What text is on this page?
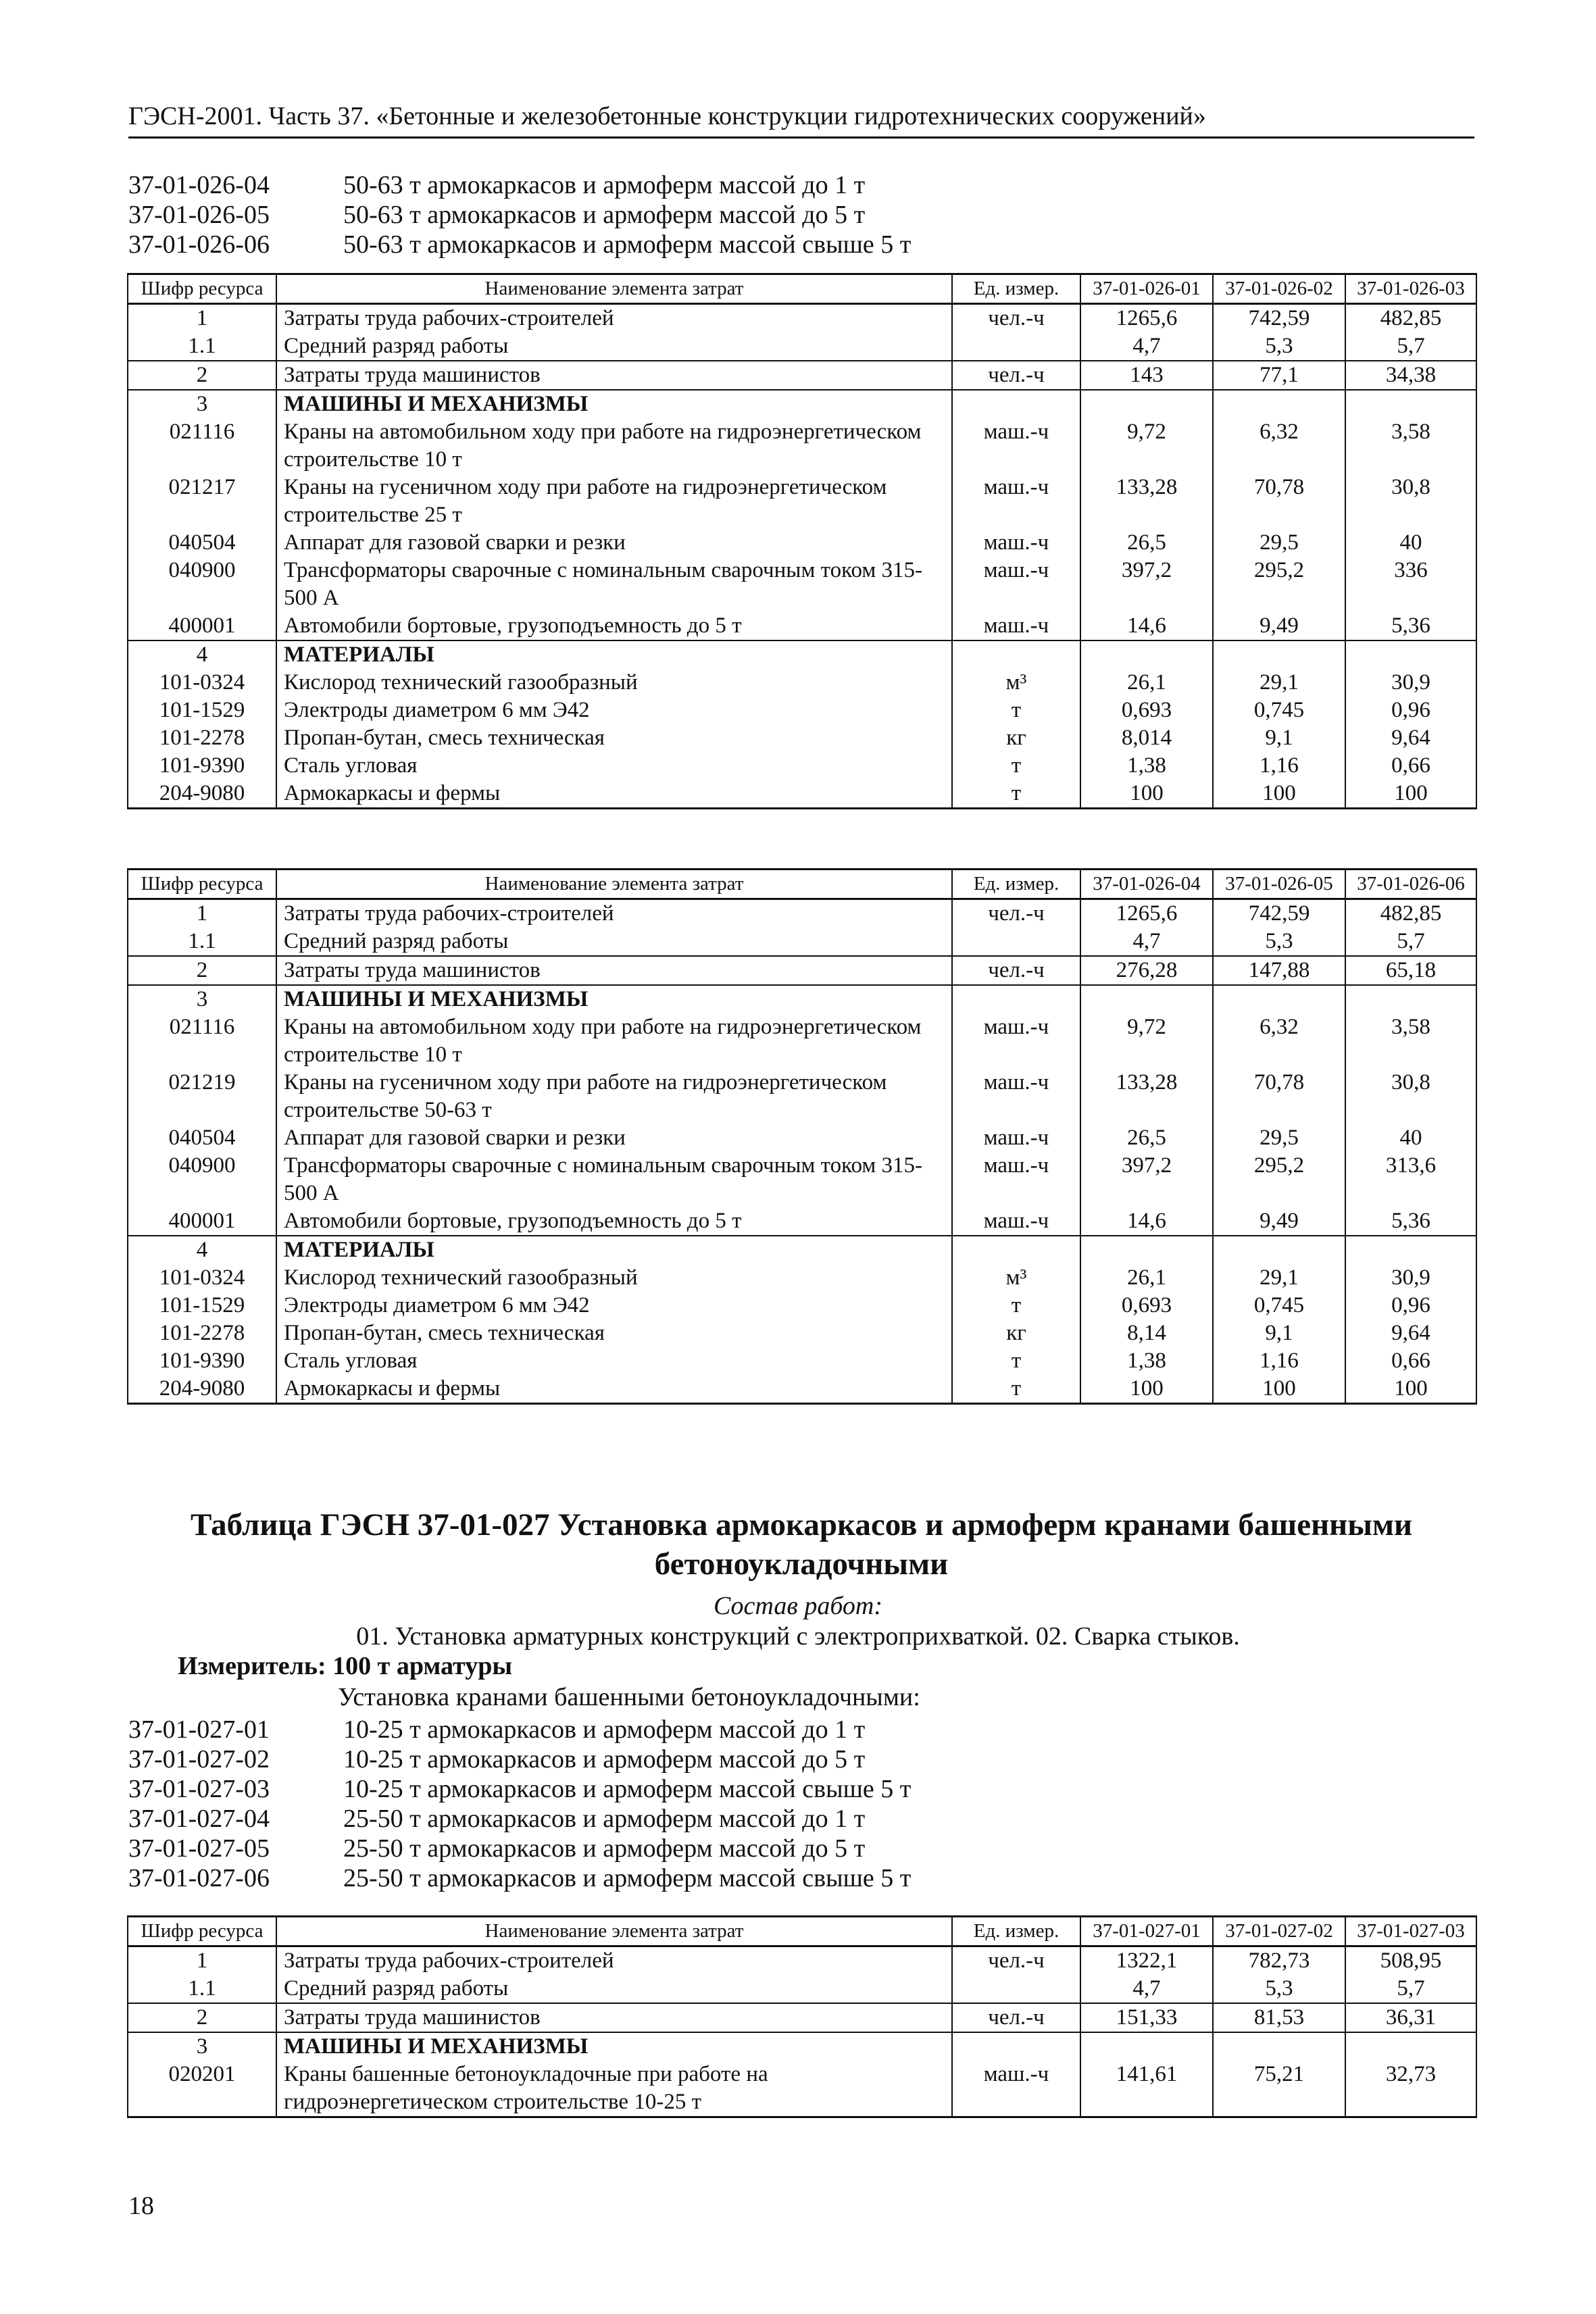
ГЭСН-2001. Часть 37. «Бетонные и железобетонные конструкции гидротехнических сооружений»
37-01-026-04	50-63 т армокаркасов и армоферм массой до 1 т
37-01-026-05	50-63 т армокаркасов и армоферм массой до 5 т
37-01-026-06	50-63 т армокаркасов и армоферм массой свыше 5 т
Шифр ресурса	Наименование элемента затрат	Ед. измер.	37-01-026-01	37-01-026-02	37-01-026-03
1	Затраты труда рабочих-строителей	чел.-ч	1265,6	742,59	482,85
1.1	Средний разряд работы		4,7	5,3	5,7
2	Затраты труда машинистов	чел.-ч	143	77,1	34,38
3	МАШИНЫ И МЕХАНИЗМЫ				
021116	Краны на автомобильном ходу при работе на гидроэнергетическом строительстве 10 т	маш.-ч	9,72	6,32	3,58
021217	Краны на гусеничном ходу при работе на гидроэнергетическом строительстве 25 т	маш.-ч	133,28	70,78	30,8
040504	Аппарат для газовой сварки и резки	маш.-ч	26,5	29,5	40
040900	Трансформаторы сварочные с номинальным сварочным током 315-500 А	маш.-ч	397,2	295,2	336
400001	Автомобили бортовые, грузоподъемность до 5 т	маш.-ч	14,6	9,49	5,36
4	МАТЕРИАЛЫ				
101-0324	Кислород технический газообразный	м³	26,1	29,1	30,9
101-1529	Электроды диаметром 6 мм Э42	т	0,693	0,745	0,96
101-2278	Пропан-бутан, смесь техническая	кг	8,014	9,1	9,64
101-9390	Сталь угловая	т	1,38	1,16	0,66
204-9080	Армокаркасы и фермы	т	100	100	100
Шифр ресурса	Наименование элемента затрат	Ед. измер.	37-01-026-04	37-01-026-05	37-01-026-06
1	Затраты труда рабочих-строителей	чел.-ч	1265,6	742,59	482,85
1.1	Средний разряд работы		4,7	5,3	5,7
2	Затраты труда машинистов	чел.-ч	276,28	147,88	65,18
3	МАШИНЫ И МЕХАНИЗМЫ				
021116	Краны на автомобильном ходу при работе на гидроэнергетическом строительстве 10 т	маш.-ч	9,72	6,32	3,58
021219	Краны на гусеничном ходу при работе на гидроэнергетическом строительстве 50-63 т	маш.-ч	133,28	70,78	30,8
040504	Аппарат для газовой сварки и резки	маш.-ч	26,5	29,5	40
040900	Трансформаторы сварочные с номинальным сварочным током 315-500 А	маш.-ч	397,2	295,2	313,6
400001	Автомобили бортовые, грузоподъемность до 5 т	маш.-ч	14,6	9,49	5,36
4	МАТЕРИАЛЫ				
101-0324	Кислород технический газообразный	м³	26,1	29,1	30,9
101-1529	Электроды диаметром 6 мм Э42	т	0,693	0,745	0,96
101-2278	Пропан-бутан, смесь техническая	кг	8,14	9,1	9,64
101-9390	Сталь угловая	т	1,38	1,16	0,66
204-9080	Армокаркасы и фермы	т	100	100	100
Таблица ГЭСН 37-01-027 Установка армокаркасов и армоферм кранами башенными бетоноукладочными
Состав работ:
01. Установка арматурных конструкций с электроприхваткой. 02. Сварка стыков.
Измеритель: 100 т арматуры
Установка кранами башенными бетоноукладочными:
37-01-027-01	10-25 т армокаркасов и армоферм массой до 1 т
37-01-027-02	10-25 т армокаркасов и армоферм массой до 5 т
37-01-027-03	10-25 т армокаркасов и армоферм массой свыше 5 т
37-01-027-04	25-50 т армокаркасов и армоферм массой до 1 т
37-01-027-05	25-50 т армокаркасов и армоферм массой до 5 т
37-01-027-06	25-50 т армокаркасов и армоферм массой свыше 5 т
Шифр ресурса	Наименование элемента затрат	Ед. измер.	37-01-027-01	37-01-027-02	37-01-027-03
1	Затраты труда рабочих-строителей	чел.-ч	1322,1	782,73	508,95
1.1	Средний разряд работы		4,7	5,3	5,7
2	Затраты труда машинистов	чел.-ч	151,33	81,53	36,31
3	МАШИНЫ И МЕХАНИЗМЫ				
020201	Краны башенные бетоноукладочные при работе на гидроэнергетическом строительстве 10-25 т	маш.-ч	141,61	75,21	32,73
18
